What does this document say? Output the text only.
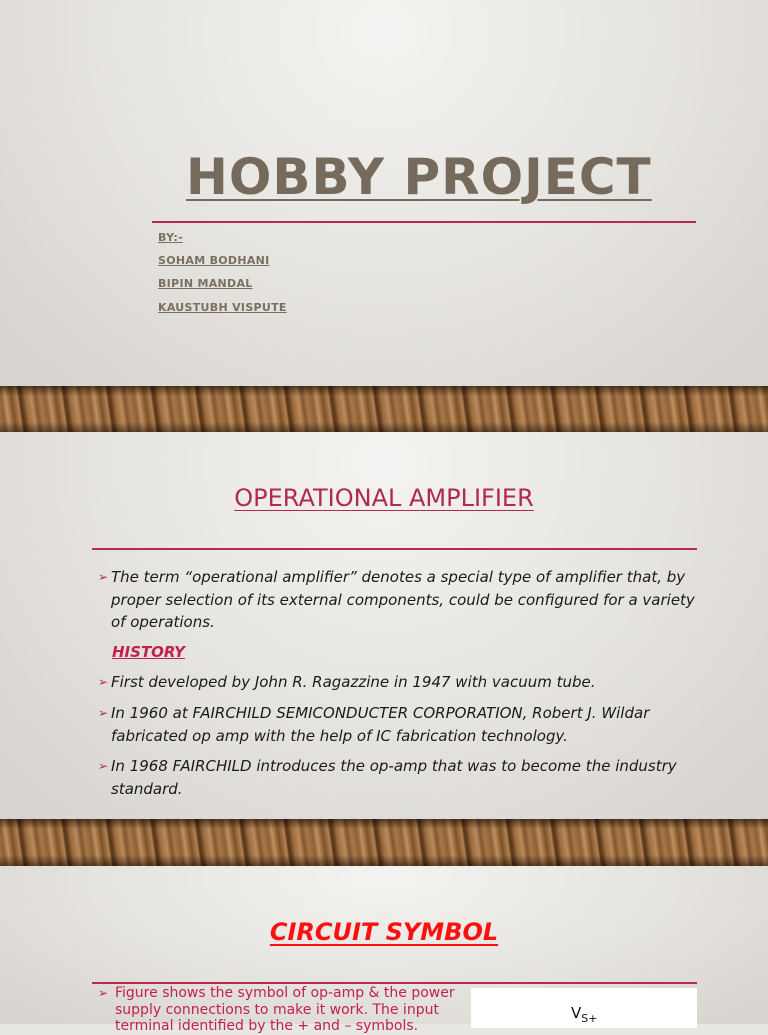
HOBBY PROJECT

BY:-

SOHAM BODHANI

BIPIN MANDAL

KAUSTUBH VISPUTE

OPERATIONAL AMPLIFIER
➢ The term “operational amplifier” denotes a special type of amplifier that, by proper selection of its external components, could be configured for a variety of operations.

HISTORY

➢ First developed by John R. Ragazzine in 1947 with vacuum tube.
➢ In 1960 at FAIRCHILD SEMICONDUCTER CORPORATION, Robert J. Wildar fabricated op amp with the help of IC fabrication technology.
➢ In 1968 FAIRCHILD introduces the op-amp that was to become the industry standard.
CIRCUIT SYMBOL
➢ Figure shows the symbol of op-amp & the power supply connections to make it work. The input terminal identified by the + and – symbols.
$V_{S+}$
